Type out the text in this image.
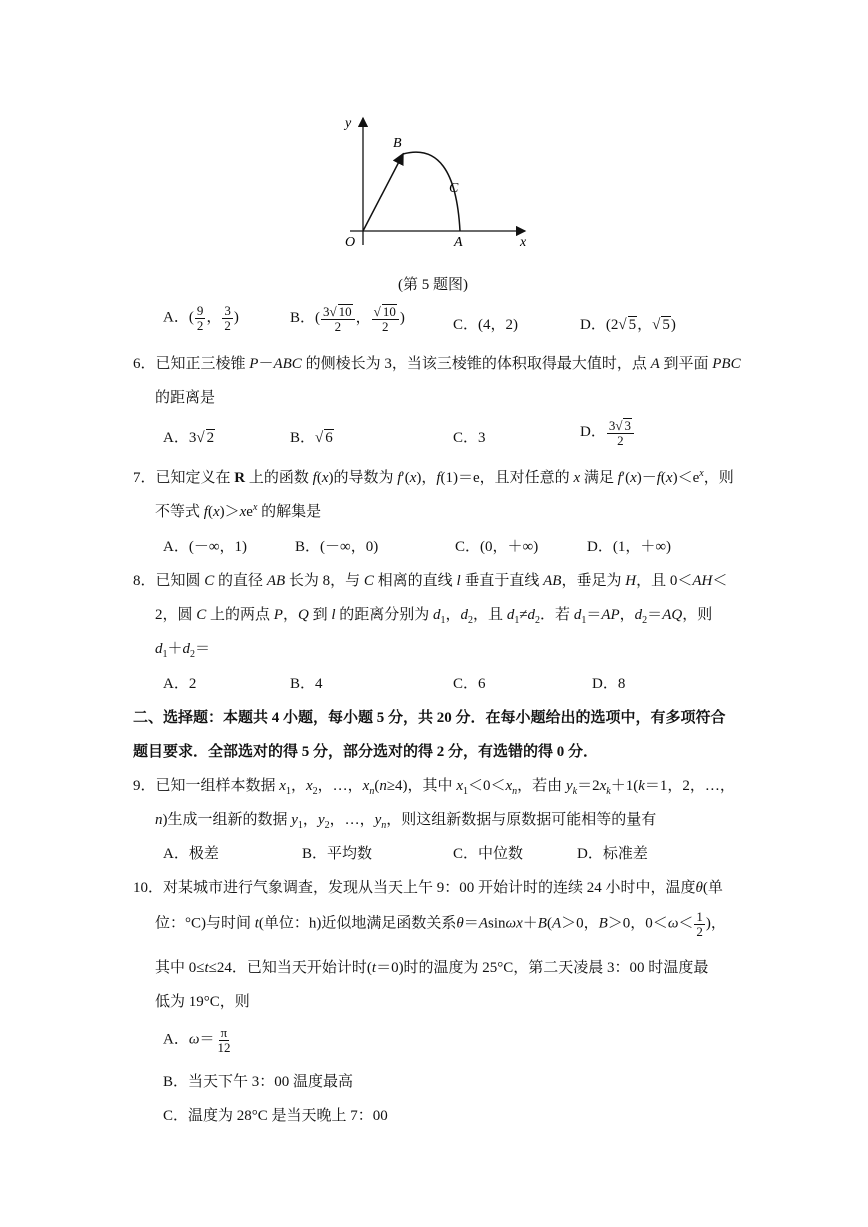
y
x
O	A
B
C
(第 5 题图)
A．( $\frac{9}{2}$ ， $\frac{3}{2}$ )	B．( $\frac{3√ 10}{2}$ ， $\frac{√ 10}{2}$ )	C．(4，2)	D．(2√ 5，√ 5)
6．已知正三棱锥 P－ABC 的侧棱长为 3，当该三棱锥的体积取得最大值时，点 A 到平面 PBC
的距离是
A．3√ 2	B．√ 6	C．3	D． $\frac{3√ 3}{2}$
7．已知定义在 R 上的函数 f(x)的导数为 f′(x)，f(1)＝e，且对任意的 x 满足 $f'(x)-f(x)<e^x$，则
不等式 $f(x)>xe^x$ 的解集是
A．(－∞，1)	B．(－∞，0)	C．(0，＋∞)	D．(1，＋∞)
8．已知圆 C 的直径 AB 长为 8，与 C 相离的直线 l 垂直于直线 AB，垂足为 H，且 0＜AH＜
2，圆 C 上的两点 P，Q 到 l 的距离分别为 $d_1$，$d_2$，且 $d_1\ne d_2$．若 $d_1=AP$，$d_2=AQ$，则
$d_1+d_2=$
A．2	B．4	C．6	D．8
二、选择题：本题共 4 小题，每小题 5 分，共 20 分．在每小题给出的选项中，有多项符合
题目要求．全部选对的得 5 分，部分选对的得 2 分，有选错的得 0 分．
9．已知一组样本数据 $x_1$，$x_2$，…，$x_n(n\ge 4)$，其中 $x_1<0<x_n$，若由 $y_k=2x_k+1(k=1$，2，…，
n)生成一组新的数据 $y_1$，$y_2$，…，$y_n$，则这组新数据与原数据可能相等的量有
A．极差	B．平均数	C．中位数	D．标准差
10．对某城市进行气象调查，发现从当天上午 9：00 开始计时的连续 24 小时中，温度θ(单
位：°C)与时间 t(单位：h)近似地满足函数关系θ＝Asinωx＋B(A＞0，B＞0，$0<\omega< \frac{1}{2}$ )，
其中 0≤t≤24．已知当天开始计时(t＝0)时的温度为 25°C，第二天凌晨 3：00 时温度最
低为 19°C，则
A．$\omega= \frac{\pi}{12}$
B．当天下午 3：00 温度最高
C．温度为 28°C 是当天晚上 7：00
